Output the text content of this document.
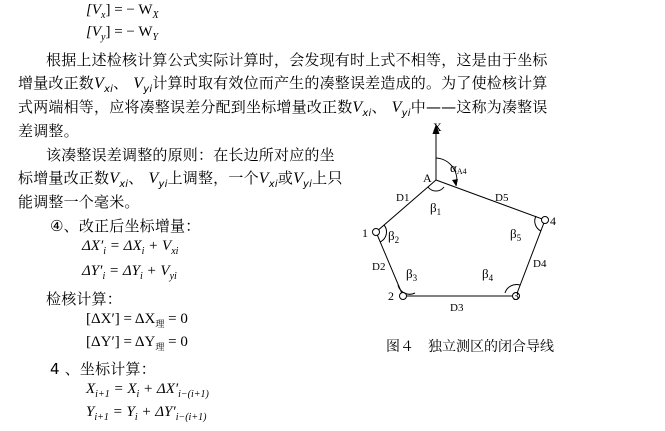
$[V_x]$ = − $W_X$
$[V_y]$ = − $W_Y$
根据上述检核计算公式实际计算时，会发现有时上式不相等，这是由于坐标
增量改正数$V_{xi}$、 $V_{yi}$计算时取有效位而产生的凑整误差造成的。为了使检核计算
式两端相等，应将凑整误差分配到坐标增量改正数$V_{xi}$、 $V_{yi}$中——这称为凑整误
差调整。
该凑整误差调整的原则：在长边所对应的坐
标增量改正数$V_{xi}$、 $V_{yi}$上调整，一个$V_{xi}$或$V_{yi}$上只
能调整一个毫米。
④、改正后坐标增量：
$\Delta X'_i = \Delta X_i + V_{xi}$
$\Delta Y'_i = \Delta Y_i + V_{yi}$
检核计算：
$[\Delta X'] = \Delta X_理 = 0$
$[\Delta Y'] = \Delta Y_理 = 0$
4 、坐标计算：
$X_{i+1} = X_i + \Delta X'_{i-(i+1)}$
$Y_{i+1} = Y_i + \Delta Y'_{i-(i+1)}$
X
αA4
A
1
2	3
4
D1
D2
D3
D4
D5
$\beta_1$
$\beta_2$
$\beta_3$	$\beta_4$
$\beta_5$
图４　独立测区的闭合导线
